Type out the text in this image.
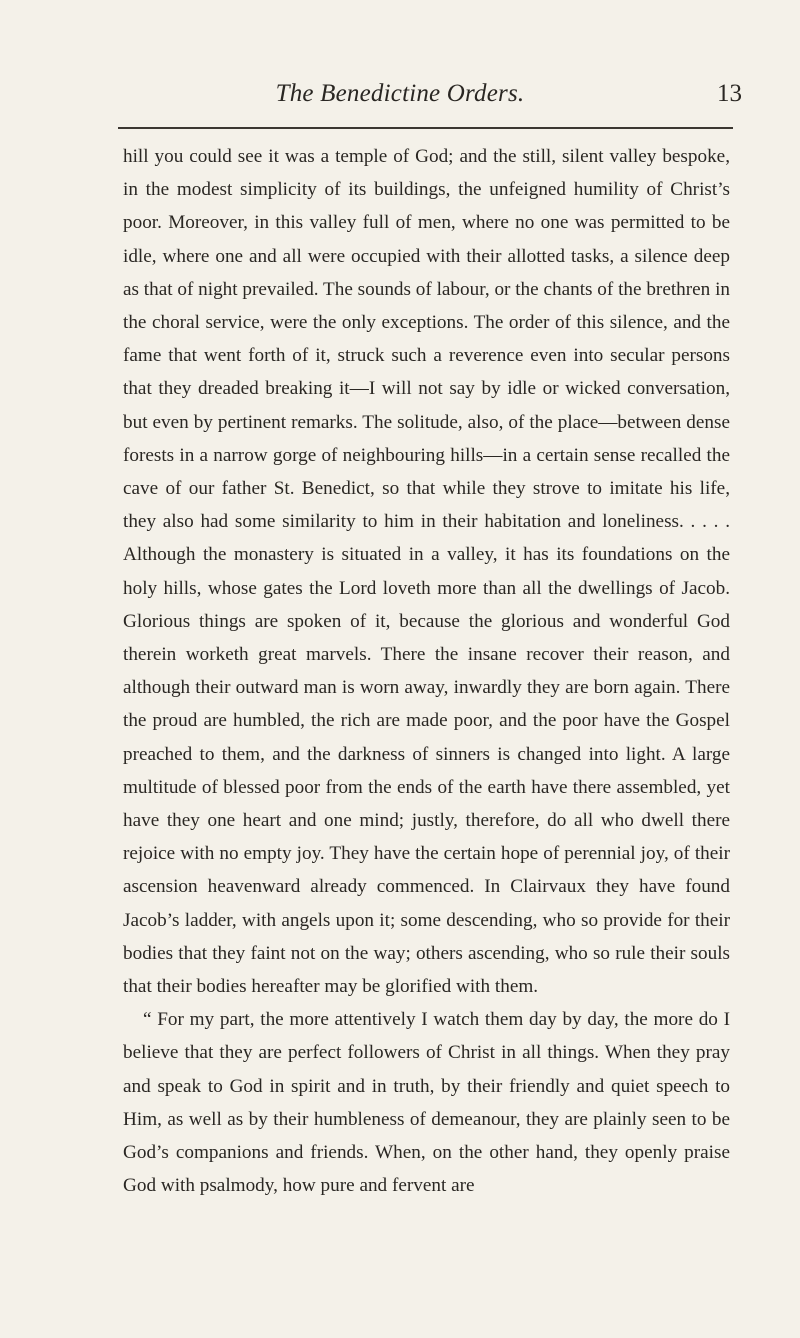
The Benedictine Orders.	13

hill you could see it was a temple of God; and the still, silent valley bespoke, in the modest simplicity of its buildings, the unfeigned humility of Christ’s poor. Moreover, in this valley full of men, where no one was permitted to be idle, where one and all were occupied with their allotted tasks, a silence deep as that of night prevailed. The sounds of labour, or the chants of the brethren in the choral service, were the only exceptions. The order of this silence, and the fame that went forth of it, struck such a reverence even into secular persons that they dreaded breaking it—I will not say by idle or wicked conversation, but even by pertinent remarks. The solitude, also, of the place—between dense forests in a narrow gorge of neighbouring hills—in a certain sense recalled the cave of our father St. Benedict, so that while they strove to imitate his life, they also had some similarity to him in their habitation and loneliness. . . . . Although the monastery is situated in a valley, it has its foundations on the holy hills, whose gates the Lord loveth more than all the dwellings of Jacob. Glorious things are spoken of it, because the glorious and wonderful God therein worketh great marvels. There the insane recover their reason, and although their outward man is worn away, inwardly they are born again. There the proud are humbled, the rich are made poor, and the poor have the Gospel preached to them, and the darkness of sinners is changed into light. A large multitude of blessed poor from the ends of the earth have there assembled, yet have they one heart and one mind; justly, therefore, do all who dwell there rejoice with no empty joy. They have the certain hope of perennial joy, of their ascension heavenward already commenced. In Clairvaux they have found Jacob’s ladder, with angels upon it; some descending, who so provide for their bodies that they faint not on the way; others ascending, who so rule their souls that their bodies hereafter may be glorified with them.

“ For my part, the more attentively I watch them day by day, the more do I believe that they are perfect followers of Christ in all things. When they pray and speak to God in spirit and in truth, by their friendly and quiet speech to Him, as well as by their humbleness of demeanour, they are plainly seen to be God’s companions and friends. When, on the other hand, they openly praise God with psalmody, how pure and fervent are
